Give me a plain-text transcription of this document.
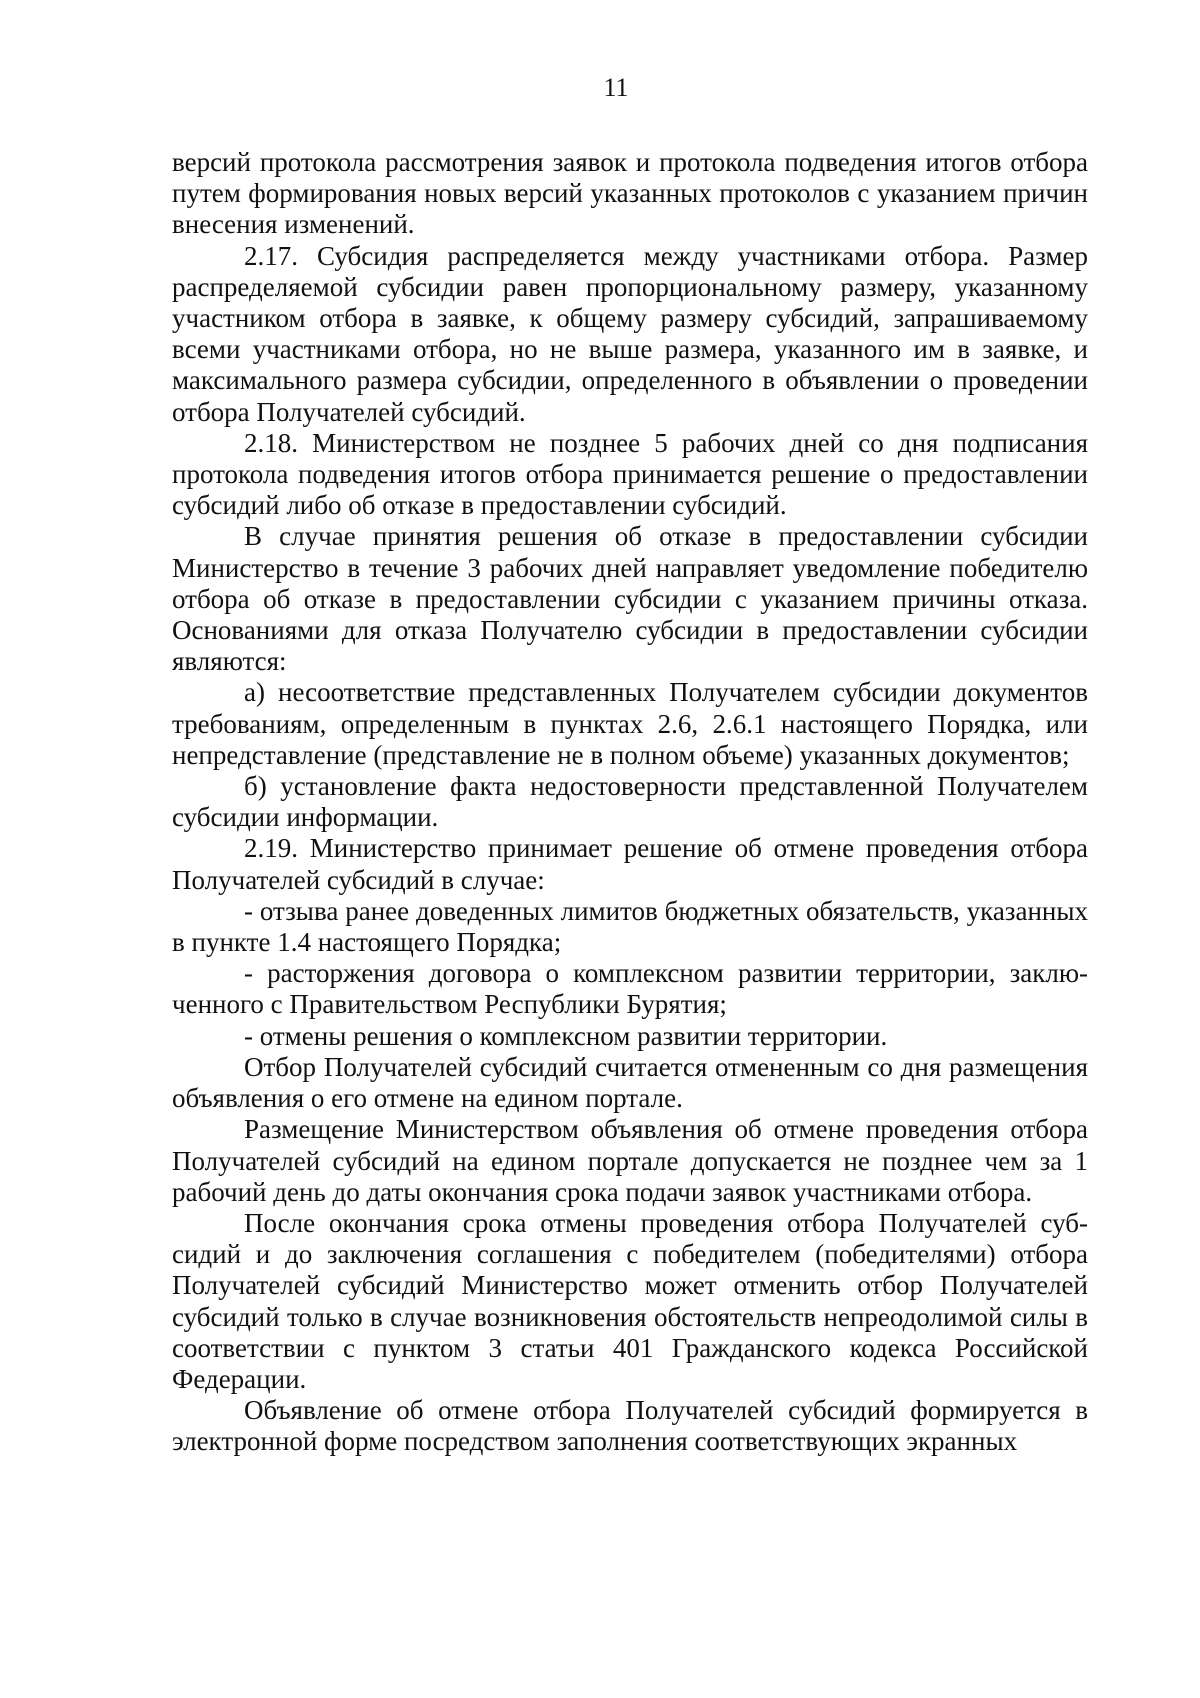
11

версий протокола рассмотрения заявок и протокола подведения итогов отбора путем формирования новых версий указанных протоколов с указанием причин внесения изменений.

2.17. Субсидия распределяется между участниками отбора. Размер распределяемой субсидии равен пропорциональному размеру, указанному участником отбора в заявке, к общему размеру субсидий, запрашиваемому всеми участниками отбора, но не выше размера, указанного им в заявке, и максимального размера субсидии, определенного в объявлении о проведении отбора Получателей субсидий.

2.18. Министерством не позднее 5 рабочих дней со дня подписания протокола подведения итогов отбора принимается решение о предоставлении субсидий либо об отказе в предоставлении субсидий.

В случае принятия решения об отказе в предоставлении субсидии Министерство в течение 3 рабочих дней направляет уведомление победителю отбора об отказе в предоставлении субсидии с указанием причины отказа. Основаниями для отказа Получателю субсидии в предоставлении субсидии являются:

а) несоответствие представленных Получателем субсидии документов требованиям, определенным в пунктах 2.6, 2.6.1 настоящего Порядка, или непредставление (представление не в полном объеме) указанных документов;

б) установление факта недостоверности представленной Получателем субсидии информации.

2.19. Министерство принимает решение об отмене проведения отбора Получателей субсидий в случае:

- отзыва ранее доведенных лимитов бюджетных обязательств, указанных в пункте 1.4 настоящего Порядка;

- расторжения договора о комплексном развитии территории, заключенного с Правительством Республики Бурятия;

- отмены решения о комплексном развитии территории.

Отбор Получателей субсидий считается отмененным со дня размещения объявления о его отмене на едином портале.

Размещение Министерством объявления об отмене проведения отбора Получателей субсидий на едином портале допускается не позднее чем за 1 рабочий день до даты окончания срока подачи заявок участниками отбора.

После окончания срока отмены проведения отбора Получателей субсидий и до заключения соглашения с победителем (победителями) отбора Получателей субсидий Министерство может отменить отбор Получателей субсидий только в случае возникновения обстоятельств непреодолимой силы в соответствии с пунктом 3 статьи 401 Гражданского кодекса Российской Федерации.

Объявление об отмене отбора Получателей субсидий формируется в электронной форме посредством заполнения соответствующих экранных
